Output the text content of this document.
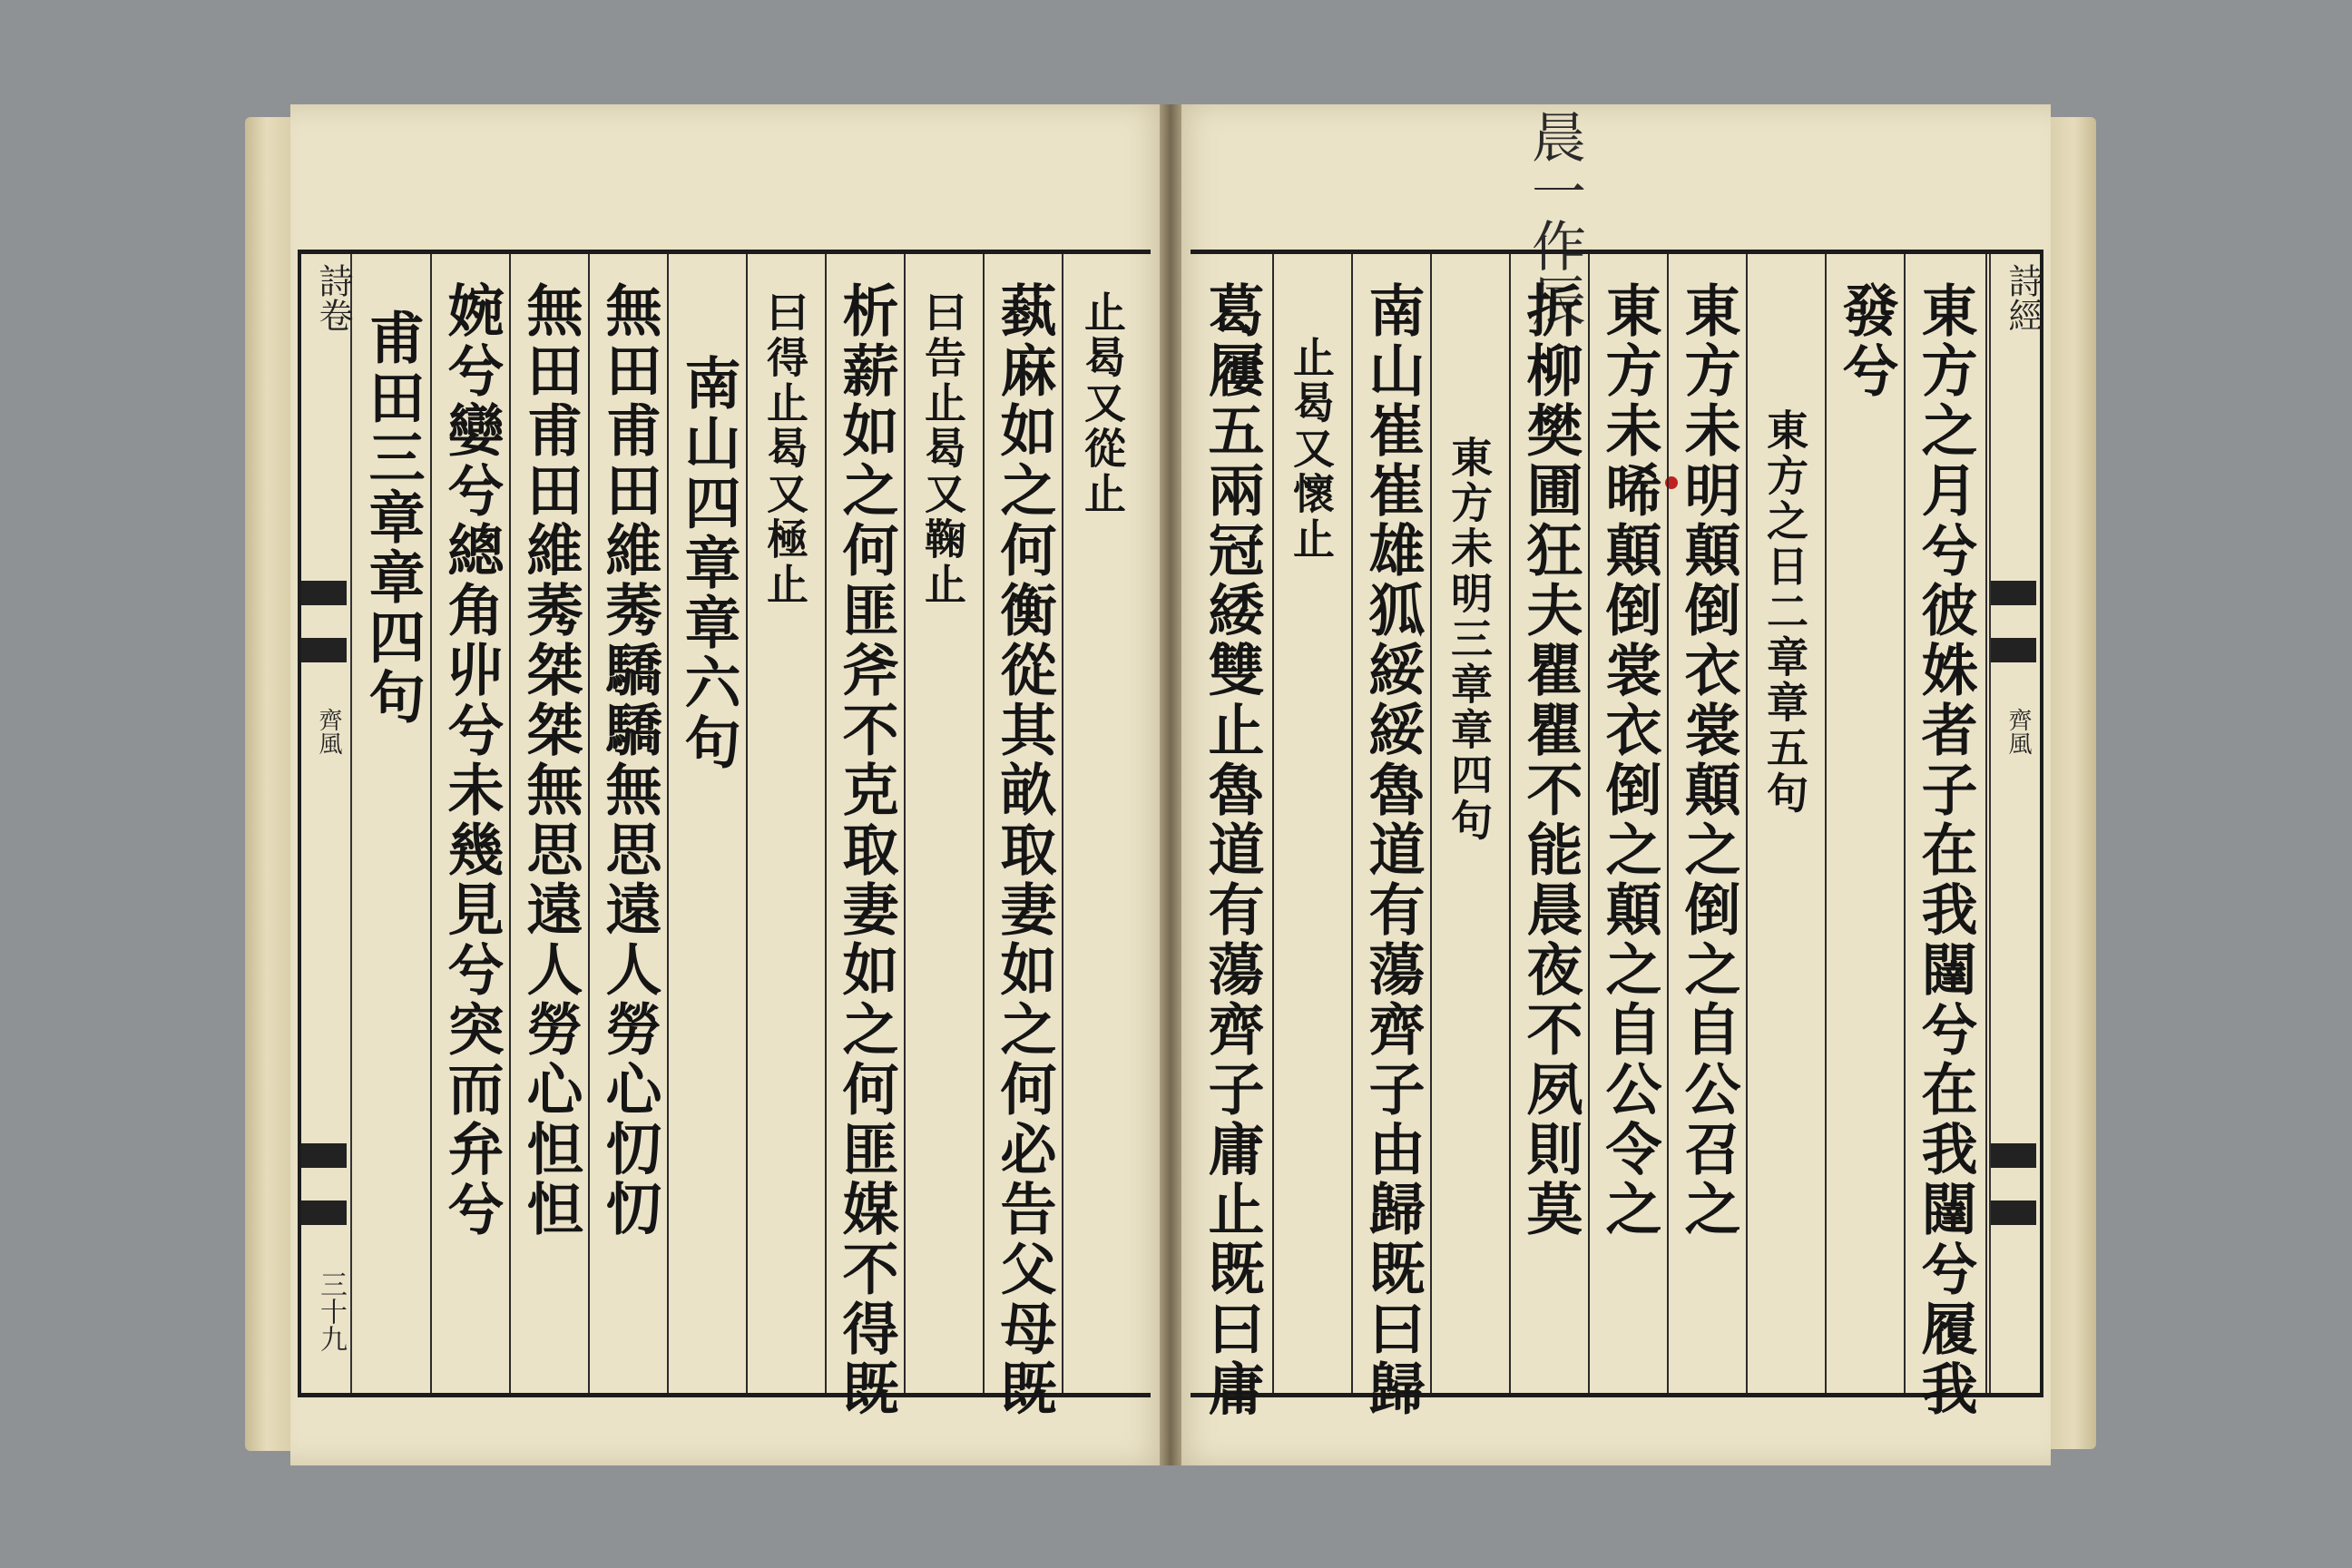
詩卷
齊風
三十九
甫田三章章四句 婉兮孌兮總角丱兮未幾見兮突而弁兮 無田甫田維莠桀桀無思遠人勞心怛怛 無田甫田維莠驕驕無思遠人勞心忉忉 南山四章章六句 曰得止曷又極止 析薪如之何匪斧不克取妻如之何匪媒不得既 曰告止曷又鞠止 蓺麻如之何衡從其畝取妻如之何必告父母既 止曷又從止
晨一作辰
葛屨五兩冠緌雙止魯道有蕩齊子庸止既曰庸 止曷又懷止 南山崔崔雄狐綏綏魯道有蕩齊子由歸既曰歸 東方未明三章章四句 折柳樊圃狂夫瞿瞿不能晨夜不夙則莫 東方未晞顛倒裳衣倒之顛之自公令之 東方未明顛倒衣裳顛之倒之自公召之 東方之日二章章五句
發兮 東方之月兮彼姝者子在我闥兮在我闥兮履我 詩經
齊風
